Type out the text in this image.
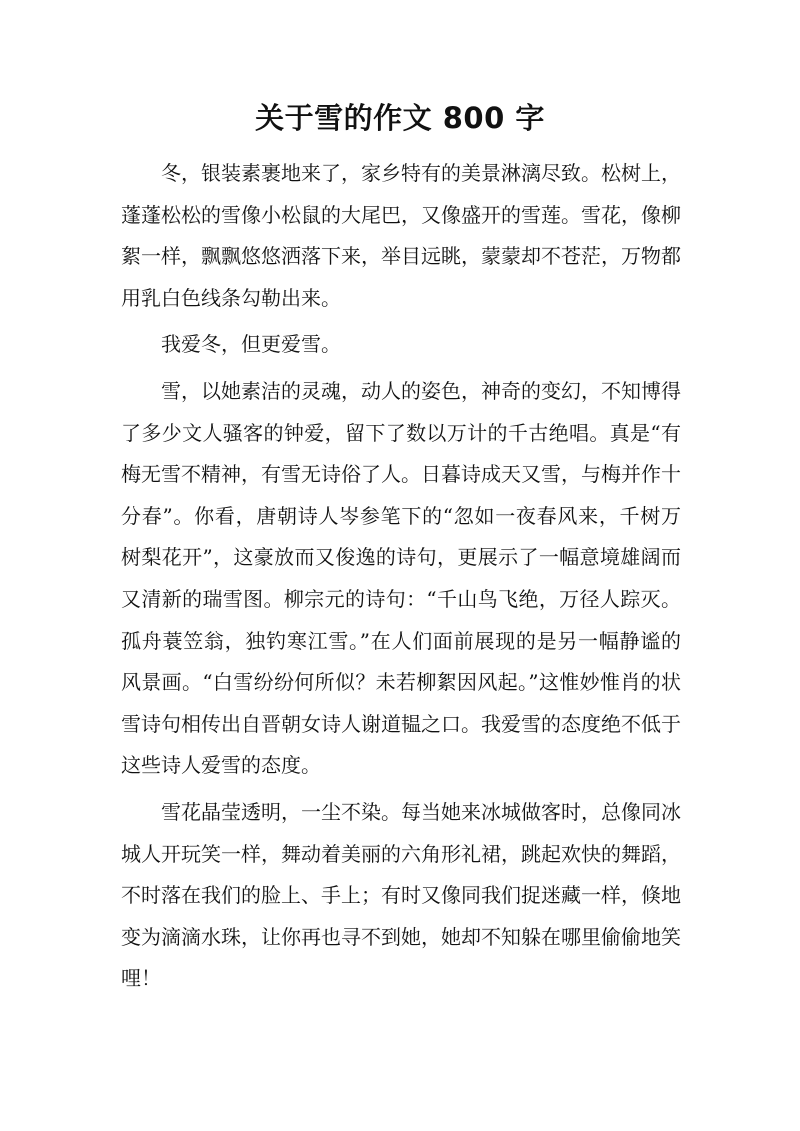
关于雪的作文 800 字

冬，银装素裹地来了，家乡特有的美景淋漓尽致。松树上，蓬蓬松松的雪像小松鼠的大尾巴，又像盛开的雪莲。雪花，像柳絮一样，飘飘悠悠洒落下来，举目远眺，蒙蒙却不苍茫，万物都用乳白色线条勾勒出来。

我爱冬，但更爱雪。

雪，以她素洁的灵魂，动人的姿色，神奇的变幻，不知博得了多少文人骚客的钟爱，留下了数以万计的千古绝唱。真是“有梅无雪不精神，有雪无诗俗了人。日暮诗成天又雪，与梅并作十分春”。你看，唐朝诗人岑参笔下的“忽如一夜春风来，千树万树梨花开”，这豪放而又俊逸的诗句，更展示了一幅意境雄阔而又清新的瑞雪图。柳宗元的诗句：“千山鸟飞绝，万径人踪灭。孤舟蓑笠翁，独钓寒江雪。”在人们面前展现的是另一幅静谧的风景画。“白雪纷纷何所似？未若柳絮因风起。”这惟妙惟肖的状雪诗句相传出自晋朝女诗人谢道韫之口。我爱雪的态度绝不低于这些诗人爱雪的态度。

雪花晶莹透明，一尘不染。每当她来冰城做客时，总像同冰城人开玩笑一样，舞动着美丽的六角形礼裙，跳起欢快的舞蹈，不时落在我们的脸上、手上；有时又像同我们捉迷藏一样，倏地变为滴滴水珠，让你再也寻不到她，她却不知躲在哪里偷偷地笑哩！
